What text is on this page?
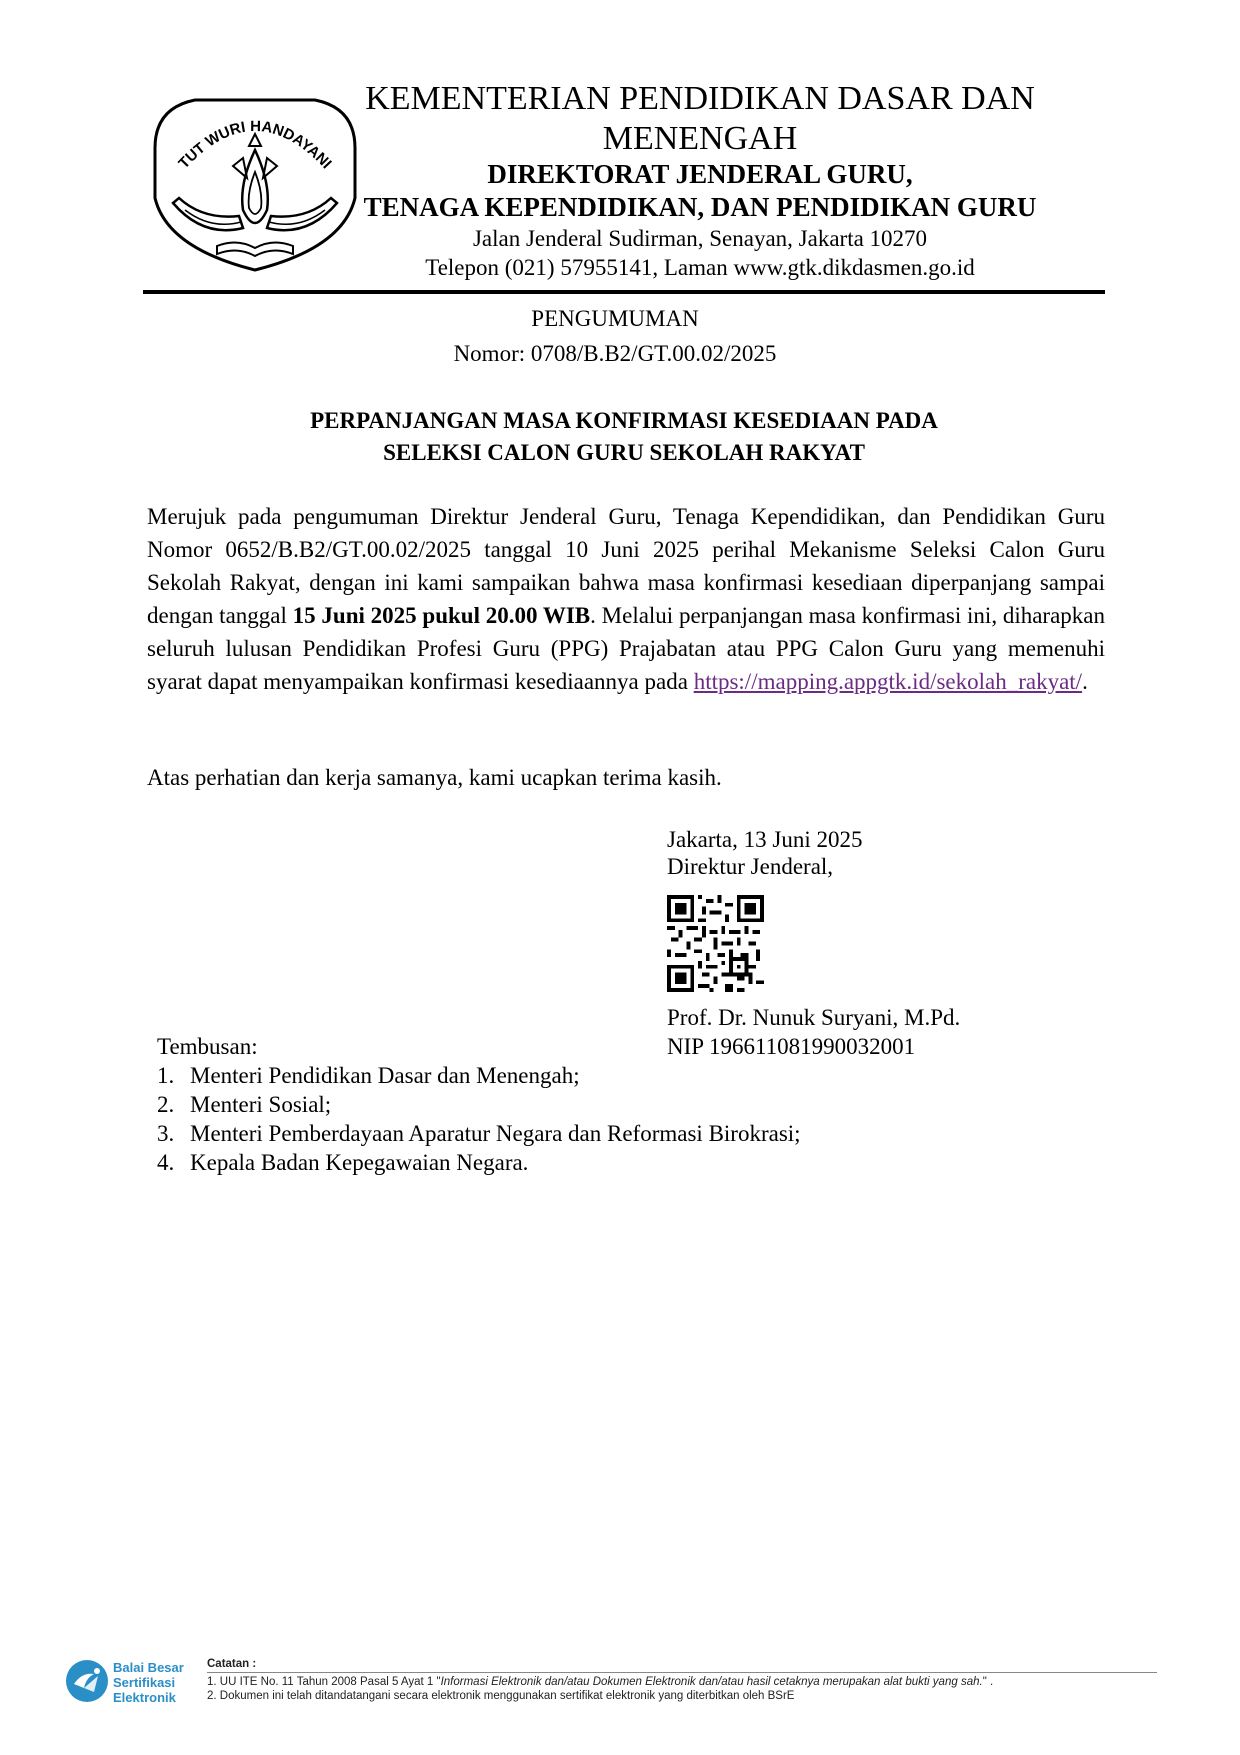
TUT WURI HANDAYANI
KEMENTERIAN PENDIDIKAN DASAR DAN
MENENGAH
DIREKTORAT JENDERAL GURU,
TENAGA KEPENDIDIKAN, DAN PENDIDIKAN GURU
Jalan Jenderal Sudirman, Senayan, Jakarta 10270
Telepon (021) 57955141, Laman www.gtk.dikdasmen.go.id
PENGUMUMAN
Nomor: 0708/B.B2/GT.00.02/2025
PERPANJANGAN MASA KONFIRMASI KESEDIAAN PADA
SELEKSI CALON GURU SEKOLAH RAKYAT
Merujuk pada pengumuman Direktur Jenderal Guru, Tenaga Kependidikan, dan Pendidikan Guru Nomor 0652/B.B2/GT.00.02/2025 tanggal 10 Juni 2025 perihal Mekanisme Seleksi Calon Guru Sekolah Rakyat, dengan ini kami sampaikan bahwa masa konfirmasi kesediaan diperpanjang sampai dengan tanggal 15 Juni 2025 pukul 20.00 WIB. Melalui perpanjangan masa konfirmasi ini, diharapkan seluruh lulusan Pendidikan Profesi Guru (PPG) Prajabatan atau PPG Calon Guru yang memenuhi syarat dapat menyampaikan konfirmasi kesediaannya pada https://mapping.appgtk.id/sekolah_rakyat/.
Atas perhatian dan kerja samanya, kami ucapkan terima kasih.
Jakarta, 13 Juni 2025
Direktur Jenderal,
Prof. Dr. Nunuk Suryani, M.Pd.
NIP 196611081990032001
Tembusan:
1. Menteri Pendidikan Dasar dan Menengah;
2. Menteri Sosial;
3. Menteri Pemberdayaan Aparatur Negara dan Reformasi Birokrasi;
4. Kepala Badan Kepegawaian Negara.
Balai Besar
Sertifikasi
Elektronik
Catatan :
1. UU ITE No. 11 Tahun 2008 Pasal 5 Ayat 1 "Informasi Elektronik dan/atau Dokumen Elektronik dan/atau hasil cetaknya merupakan alat bukti yang sah." .
2. Dokumen ini telah ditandatangani secara elektronik menggunakan sertifikat elektronik yang diterbitkan oleh BSrE
